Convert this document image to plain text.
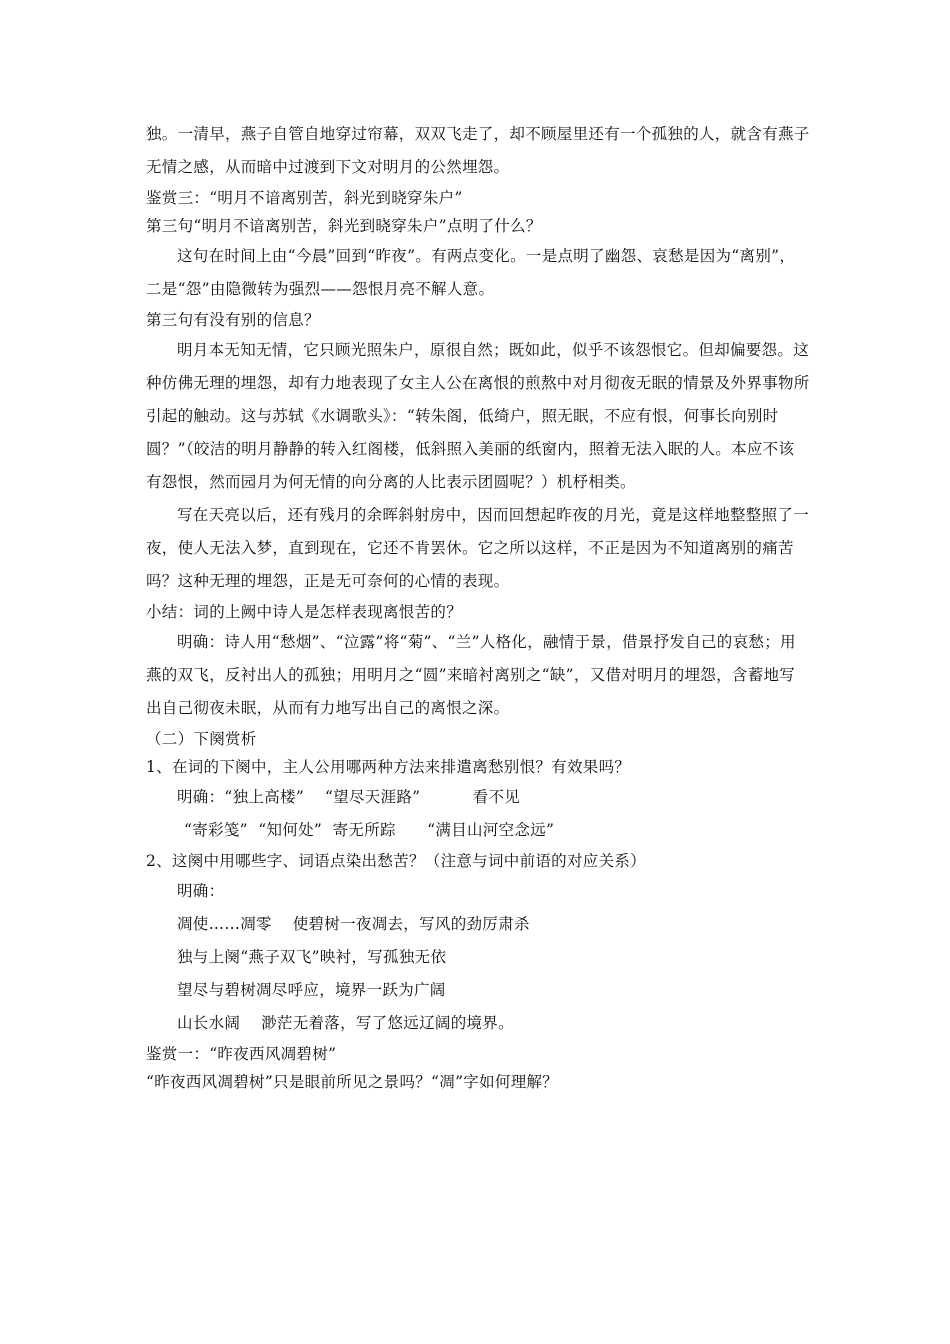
独。一清早，燕子自管自地穿过帘幕，双双飞走了，却不顾屋里还有一个孤独的人，就含有燕子无情之感，从而暗中过渡到下文对明月的公然埋怨。

鉴赏三：“明月不谙离别苦，斜光到晓穿朱户”

第三句“明月不谙离别苦，斜光到晓穿朱户”点明了什么？

这句在时间上由“今晨”回到“昨夜”。有两点变化。一是点明了幽怨、哀愁是因为“离别”，二是“怨”由隐微转为强烈——怨恨月亮不解人意。

第三句有没有别的信息？

明月本无知无情，它只顾光照朱户，原很自然；既如此，似乎不该怨恨它。但却偏要怨。这种仿佛无理的埋怨，却有力地表现了女主人公在离恨的煎熬中对月彻夜无眠的情景及外界事物所引起的触动。这与苏轼《水调歌头》：“转朱阁，低绮户，照无眠，不应有恨，何事长向别时圆？”（皎洁的明月静静的转入红阁楼，低斜照入美丽的纸窗内，照着无法入眠的人。本应不该有怨恨，然而园月为何无情的向分离的人比表示团圆呢？）机杼相类。

写在天亮以后，还有残月的余晖斜射房中，因而回想起昨夜的月光，竟是这样地整整照了一夜，使人无法入梦，直到现在，它还不肯罢休。它之所以这样，不正是因为不知道离别的痛苦吗？这种无理的埋怨，正是无可奈何的心情的表现。

小结：词的上阙中诗人是怎样表现离恨苦的？

明确：诗人用“愁烟”、“泣露”将“菊”、“兰”人格化，融情于景，借景抒发自己的哀愁；用燕的双飞，反衬出人的孤独；用明月之“圆”来暗衬离别之“缺”，又借对明月的埋怨，含蓄地写出自己彻夜未眠，从而有力地写出自己的离恨之深。

（二）下阕赏析

1、在词的下阕中，主人公用哪两种方法来排遣离愁别恨？有效果吗？

明确：“独上高楼”    “望尽天涯路”          看不见

“寄彩笺”  “知何处”  寄无所踪      “满目山河空念远”

2、这阕中用哪些字、词语点染出愁苦？（注意与词中前语的对应关系）

明确：

凋使……凋零    使碧树一夜凋去，写风的劲厉肃杀

独与上阕“燕子双飞”映衬，写孤独无依

望尽与碧树凋尽呼应，境界一跃为广阔

山长水阔    渺茫无着落，写了悠远辽阔的境界。

鉴赏一：“昨夜西风凋碧树”

“昨夜西风凋碧树”只是眼前所见之景吗？“凋”字如何理解？
